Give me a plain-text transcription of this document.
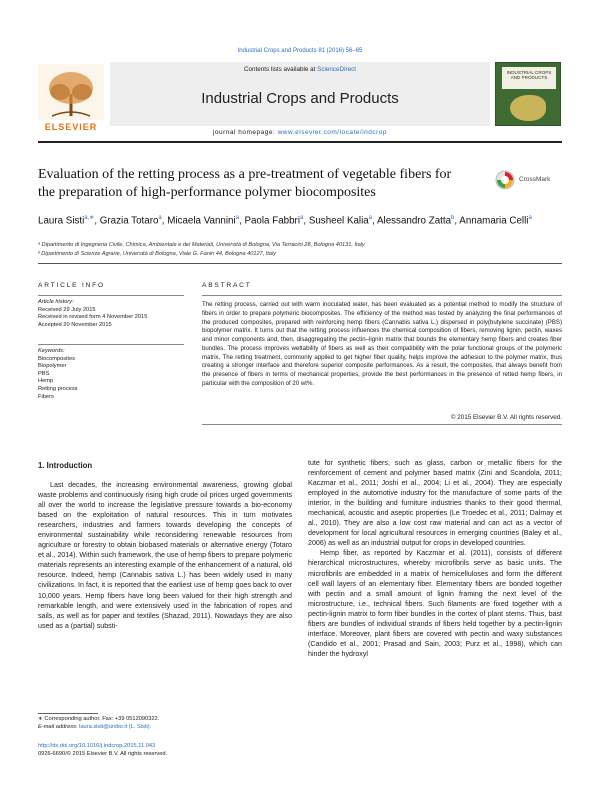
Industrial Crops and Products 81 (2016) 56–65
Contents lists available at ScienceDirect
Industrial Crops and Products
journal homepage: www.elsevier.com/locate/indcrop
ELSEVIER
INDUSTRIAL CROPS AND PRODUCTS
Evaluation of the retting process as a pre-treatment of vegetable fibers for the preparation of high-performance polymer biocomposites
CrossMark
Laura Sisti$^{a,∗}$, Grazia Totaro$^a$, Micaela Vannini$^a$, Paola Fabbri$^a$, Susheel Kalia$^a$, Alessandro Zatta$^b$, Annamaria Celli$^a$
ᵃ Dipartimento di Ingegneria Civile, Chimica, Ambientale e dei Materiali, Università di Bologna, Via Terracini 28, Bologna 40131, Italy
ᵇ Dipartimento di Scienze Agrarie, Università di Bologna, Viale G. Fanin 44, Bologna 40127, Italy
ARTICLE INFO
Article history:
Received 29 July 2015
Received in revised form 4 November 2015
Accepted 20 November 2015
Keywords:
Biocomposites
Biopolymer
PBS
Hemp
Retting process
Fibers
ABSTRACT
The retting process, carried out with warm inoculated water, has been evaluated as a potential method to modify the structure of fibers in order to prepare polymeric biocomposites. The efficiency of the method was tested by analyzing the final performances of the produced composites, prepared with reinforcing hemp fibers (Cannabis sativa L.) dispersed in poly(butylene succinate) (PBS) biopolymer matrix. It turns out that the retting process influences the chemical composition of fibers, removing lignin, pectin, waxes and minor components and, then, disaggregating the pectin–lignin matrix that bounds the elementary hemp fibers and creates fiber bundles. The process improves wettability of fibers as well as their compatibility with the polar functional groups of the polymeric matrix. The retting treatment, commonly applied to get higher fiber quality, helps improve the adhesion to the polymer matrix, thus creating a stronger interface and therefore superior composite performances. As a result, the composites, that always benefit from the presence of fibers in terms of mechanical properties, provide the best performances in the presence of retted hemp fibers, in particular with the composition of 20 wt%.
© 2015 Elsevier B.V. All rights reserved.
1. Introduction

Last decades, the increasing environmental awareness, growing global waste problems and continuously rising high crude oil prices urged governments all over the world to increase the legislative pressure towards a bio-economy based on the exploitation of natural resources. This in turn motivates researchers, industries and farmers towards developing the concepts of environmental sustainability while reconsidering renewable resources from agriculture or forestry to obtain biobased materials or alternative energy (Totaro et al., 2014). Within such framework, the use of hemp fibers to prepare polymeric materials represents an interesting example of the enhancement of a natural, old resource. Indeed, hemp (Cannabis sativa L.) has been widely used in many civilizations. In fact, it is reported that the earliest use of hemp goes back to over 10,000 years. Hemp fibers have long been valued for their high strength and remarkable length, and were extensively used in the fabrication of ropes and sails, as well as for paper and textiles (Shazad, 2011). Nowadays they are also used as a (partial) substi-

tute for synthetic fibers, such as glass, carbon or metallic fibers for the reinforcement of cement and polymer based matrix (Zini and Scandola, 2011; Kaczmar et al., 2011; Joshi et al., 2004; Li et al., 2004). They are especially employed in the automotive industry for the manufacture of some parts of the interior, in the building and furniture industries thanks to their good thermal, mechanical, acoustic and aseptic properties (Le Troedec et al., 2011; Dalmay et al., 2010). They are also a low cost raw material and can act as a vector of development for local agricultural resources in emerging countries (Baley et al., 2006) as well as an industrial output for crops in developed countries.

Hemp fiber, as reported by Kaczmar et al. (2011), consists of different hierarchical microstructures, whereby microfibrils serve as basic units. The microfibrils are embedded in a matrix of hemicelluloses and form the different cell wall layers of an elementary fiber. Elementary fibers are bonded together with pectin and a small amount of lignin framing the next level of the microstructure, i.e., technical fibers. Such filaments are fixed together with a pectin-lignin matrix to form fiber bundles in the cortex of plant stems. Thus, bast fibers are bundles of individual strands of fibers held together by a pectin-lignin interface. Moreover, plant fibers are covered with pectin and waxy substances (Candido et al., 2001; Prasad and Sain, 2003; Purz et al., 1998), which can hinder the hydroxyl

∗ Corresponding author. Fax: +39 0512090322.
E-mail address: laura.sisti@unibo.it (L. Sisti).
http://dx.doi.org/10.1016/j.indcrop.2015.11.043
0926-6690/© 2015 Elsevier B.V. All rights reserved.
